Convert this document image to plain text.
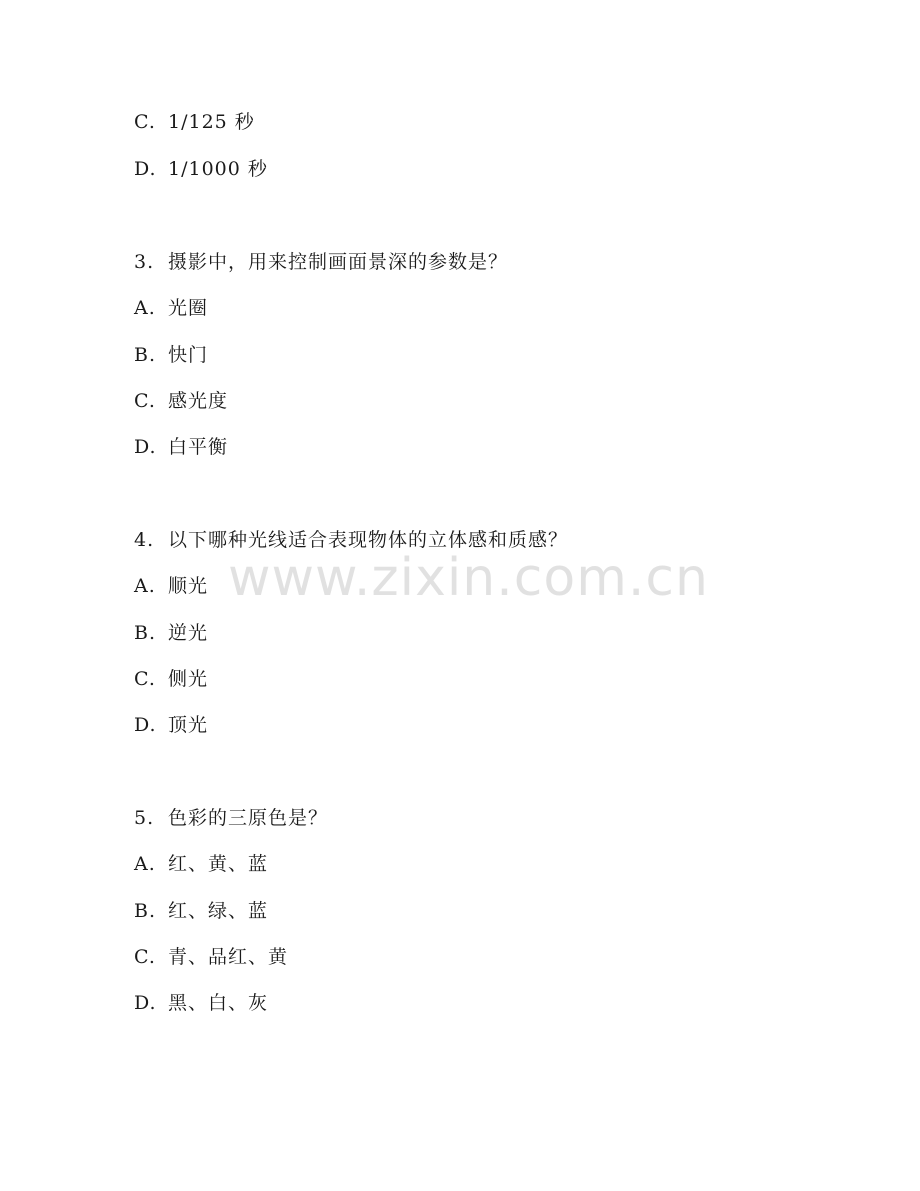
C. 1/125 秒
D. 1/1000 秒
3. 摄影中，用来控制画面景深的参数是？
A. 光圈
B. 快门
C. 感光度
D. 白平衡
4. 以下哪种光线适合表现物体的立体感和质感？
A. 顺光
B. 逆光
C. 侧光
D. 顶光
5. 色彩的三原色是？
A. 红、黄、蓝
B. 红、绿、蓝
C. 青、品红、黄
D. 黑、白、灰
www.zixin.com.cn
